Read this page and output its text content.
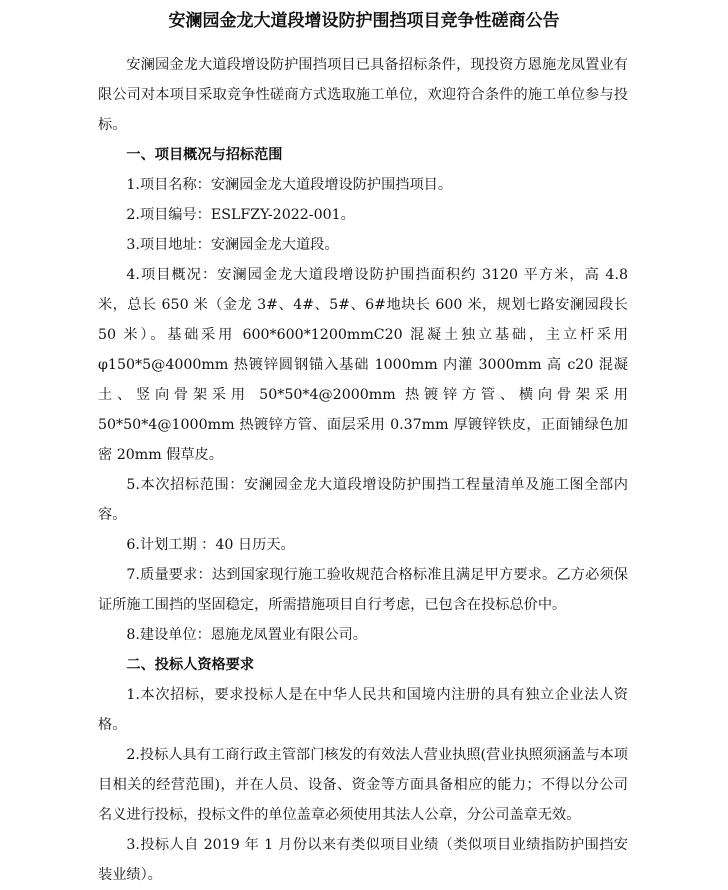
安澜园金龙大道段增设防护围挡项目竞争性磋商公告

安澜园金龙大道段增设防护围挡项目已具备招标条件，现投资方恩施龙凤置业有限公司对本项目采取竞争性磋商方式选取施工单位，欢迎符合条件的施工单位参与投标。

一、项目概况与招标范围

1.项目名称：安澜园金龙大道段增设防护围挡项目。

2.项目编号：ESLFZY-2022-001。

3.项目地址：安澜园金龙大道段。

4.项目概况：安澜园金龙大道段增设防护围挡面积约 3120 平方米，高 4.8 米，总长 650 米（金龙 3#、4#、5#、6#地块长 600 米，规划七路安澜园段长 50 米）。基础采用 600*600*1200mmC20 混凝土独立基础，主立杆采用 φ150*5@4000mm 热镀锌圆钢锚入基础 1000mm 内灌 3000mm 高 c20 混凝土、竖向骨架采用 50*50*4@2000mm 热镀锌方管、横向骨架采用 50*50*4@1000mm 热镀锌方管、面层采用 0.37mm 厚镀锌铁皮，正面铺绿色加密 20mm 假草皮。

5.本次招标范围：安澜园金龙大道段增设防护围挡工程量清单及施工图全部内容。

6.计划工期 ：40 日历天。

7.质量要求：达到国家现行施工验收规范合格标准且满足甲方要求。乙方必须保证所施工围挡的坚固稳定，所需措施项目自行考虑，已包含在投标总价中。

8.建设单位：恩施龙凤置业有限公司。

二、投标人资格要求

1.本次招标，要求投标人是在中华人民共和国境内注册的具有独立企业法人资格。

2.投标人具有工商行政主管部门核发的有效法人营业执照(营业执照须涵盖与本项目相关的经营范围)，并在人员、设备、资金等方面具备相应的能力；不得以分公司名义进行投标，投标文件的单位盖章必须使用其法人公章，分公司盖章无效。

3.投标人自 2019 年 1 月份以来有类似项目业绩（类似项目业绩指防护围挡安装业绩）。
